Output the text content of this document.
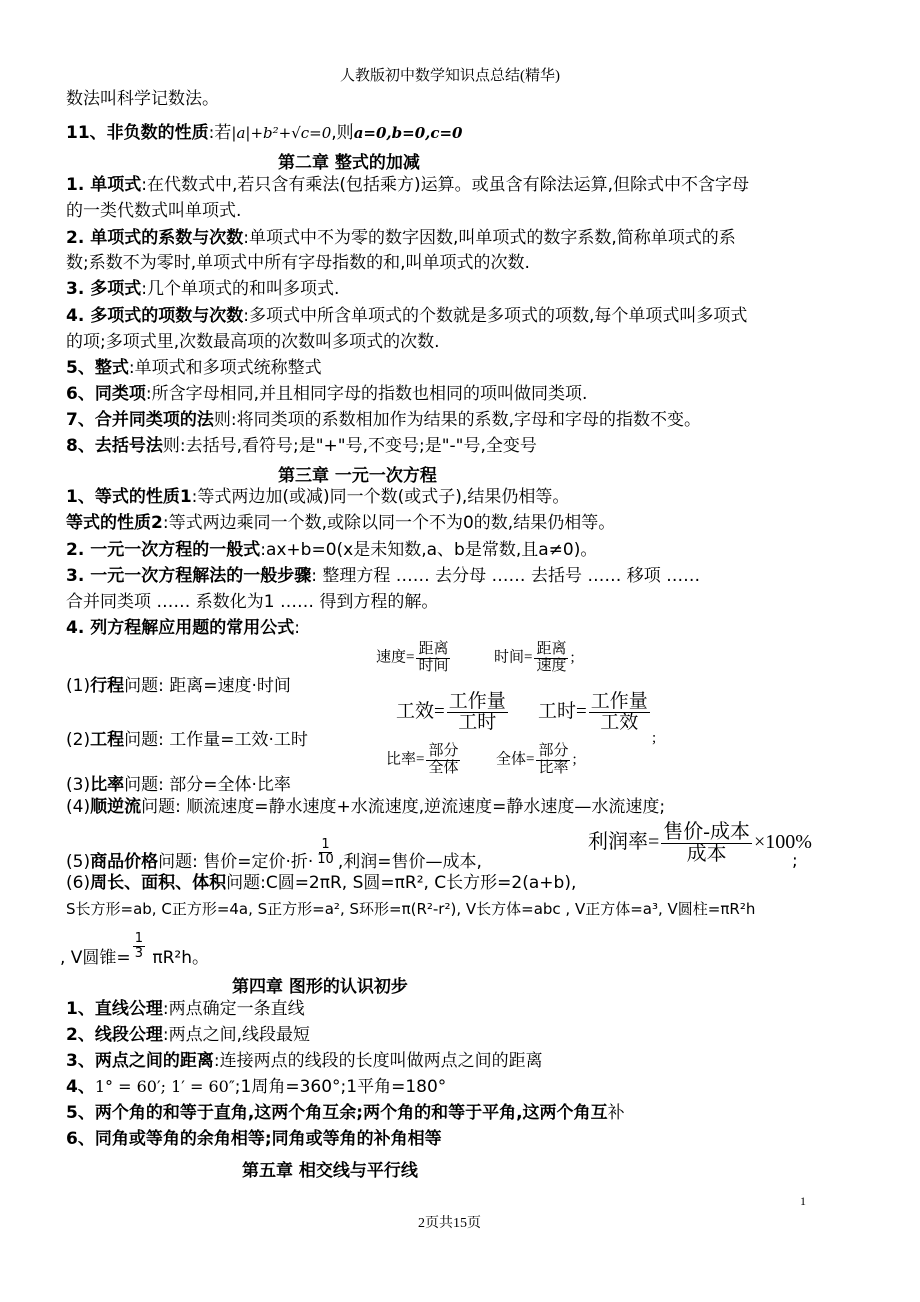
人教版初中数学知识点总结(精华)
数法叫科学记数法。
11、非负数的性质:若|a|+b²+√c=0,则a=0,b=0,c=0
第二章 整式的加减
1. 单项式:在代数式中,若只含有乘法(包括乘方)运算。或虽含有除法运算,但除式中不含字母
的一类代数式叫单项式.
2. 单项式的系数与次数:单项式中不为零的数字因数,叫单项式的数字系数,简称单项式的系
数;系数不为零时,单项式中所有字母指数的和,叫单项式的次数.
3. 多项式:几个单项式的和叫多项式.
4. 多项式的项数与次数:多项式中所含单项式的个数就是多项式的项数,每个单项式叫多项式
的项;多项式里,次数最高项的次数叫多项式的次数.
5、整式:单项式和多项式统称整式
6、同类项:所含字母相同,并且相同字母的指数也相同的项叫做同类项.
7、合并同类项的法则:将同类项的系数相加作为结果的系数,字母和字母的指数不变。
8、去括号法则:去括号,看符号;是"+"号,不变号;是"-"号,全变号
第三章 一元一次方程
1、等式的性质1:等式两边加(或减)同一个数(或式子),结果仍相等。
等式的性质2:等式两边乘同一个数,或除以同一个不为0的数,结果仍相等。
2. 一元一次方程的一般式:ax+b=0(x是未知数,a、b是常数,且a≠0)。
3. 一元一次方程解法的一般步骤: 整理方程 …… 去分母 …… 去括号 …… 移项 ……
合并同类项 …… 系数化为1 …… 得到方程的解。
4. 列方程解应用题的常用公式:
(1)行程问题: 距离=速度·时间
速度= $\frac{\text{距离}}{\text{时间}}$	时间= $\frac{\text{距离}}{\text{速度}}$ ;
(2)工程问题: 工作量=工效·工时
工效= $\frac{\text{工作量}}{\text{工时}}$ 工时= $\frac{\text{工作量}}{\text{工效}}$
;
(3)比率问题: 部分=全体·比率
比率= $\frac{\text{部分}}{\text{全体}}$ 全体= $\frac{\text{部分}}{\text{比率}}$ ;
(4)顺逆流问题: 顺流速度=静水速度+水流速度,逆流速度=静水速度—水流速度;
(5)商品价格问题: 售价=定价·折· $\frac{1}{10}$ ,利润=售价—成本,
利润率= $\frac{\text{售价-成本}}{\text{成本}} \times 100\%$
;
(6)周长、面积、体积问题:C圆=2πR, S圆=πR², C长方形=2(a+b),
S长方形=ab, C正方形=4a, S正方形=a², S环形=π(R²-r²), V长方体=abc , V正方体=a³, V圆柱=πR²h
, V圆锥= $\frac{1}{3} \pi R^2h$。
第四章 图形的认识初步
1、直线公理:两点确定一条直线
2、线段公理:两点之间,线段最短
3、两点之间的距离:连接两点的线段的长度叫做两点之间的距离
4、1° = 60′; 1′ = 60″;1周角=360°;1平角=180°
5、两个角的和等于直角,这两个角互余;两个角的和等于平角,这两个角互补
6、同角或等角的余角相等;同角或等角的补角相等
第五章 相交线与平行线
1
2页共15页
